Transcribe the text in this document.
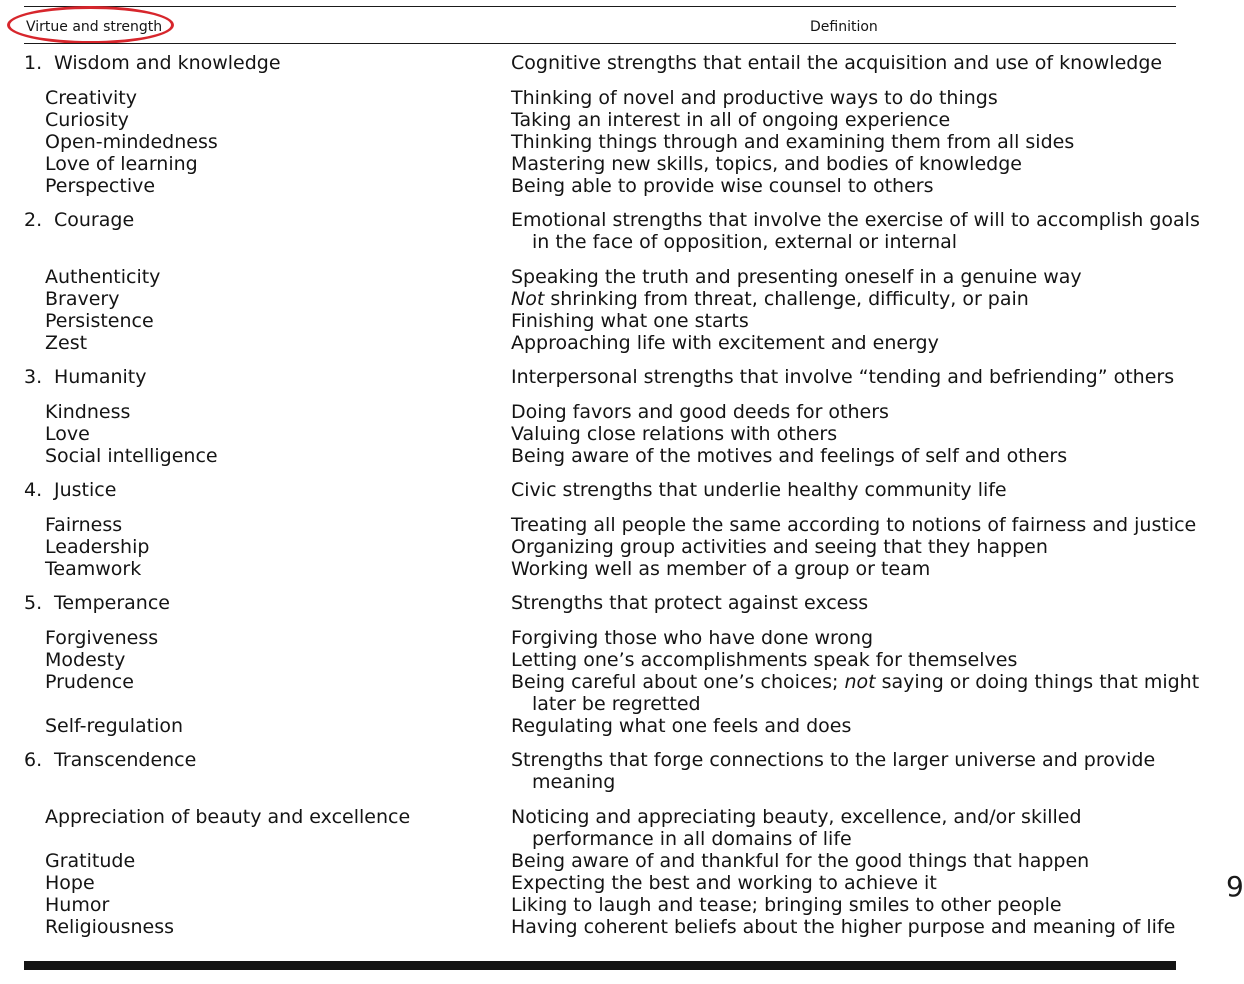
Virtue and strength	Definition
1. Wisdom and knowledge	Cognitive strengths that entail the acquisition and use of knowledge
Creativity	Thinking of novel and productive ways to do things
Curiosity	Taking an interest in all of ongoing experience
Open-mindedness	Thinking things through and examining them from all sides
Love of learning	Mastering new skills, topics, and bodies of knowledge
Perspective	Being able to provide wise counsel to others
2. Courage	Emotional strengths that involve the exercise of will to accomplish goals
in the face of opposition, external or internal
Authenticity	Speaking the truth and presenting oneself in a genuine way
Bravery	Not shrinking from threat, challenge, difficulty, or pain
Persistence	Finishing what one starts
Zest	Approaching life with excitement and energy
3. Humanity	Interpersonal strengths that involve “tending and befriending” others
Kindness	Doing favors and good deeds for others
Love	Valuing close relations with others
Social intelligence	Being aware of the motives and feelings of self and others
4. Justice	Civic strengths that underlie healthy community life
Fairness	Treating all people the same according to notions of fairness and justice
Leadership	Organizing group activities and seeing that they happen
Teamwork	Working well as member of a group or team
5. Temperance	Strengths that protect against excess
Forgiveness	Forgiving those who have done wrong
Modesty	Letting one’s accomplishments speak for themselves
Prudence	Being careful about one’s choices; not saying or doing things that might
later be regretted
Self-regulation	Regulating what one feels and does
6. Transcendence	Strengths that forge connections to the larger universe and provide
meaning
Appreciation of beauty and excellence	Noticing and appreciating beauty, excellence, and/or skilled
performance in all domains of life
Gratitude	Being aware of and thankful for the good things that happen
Hope	Expecting the best and working to achieve it
Humor	Liking to laugh and tease; bringing smiles to other people
Religiousness	Having coherent beliefs about the higher purpose and meaning of life
9
